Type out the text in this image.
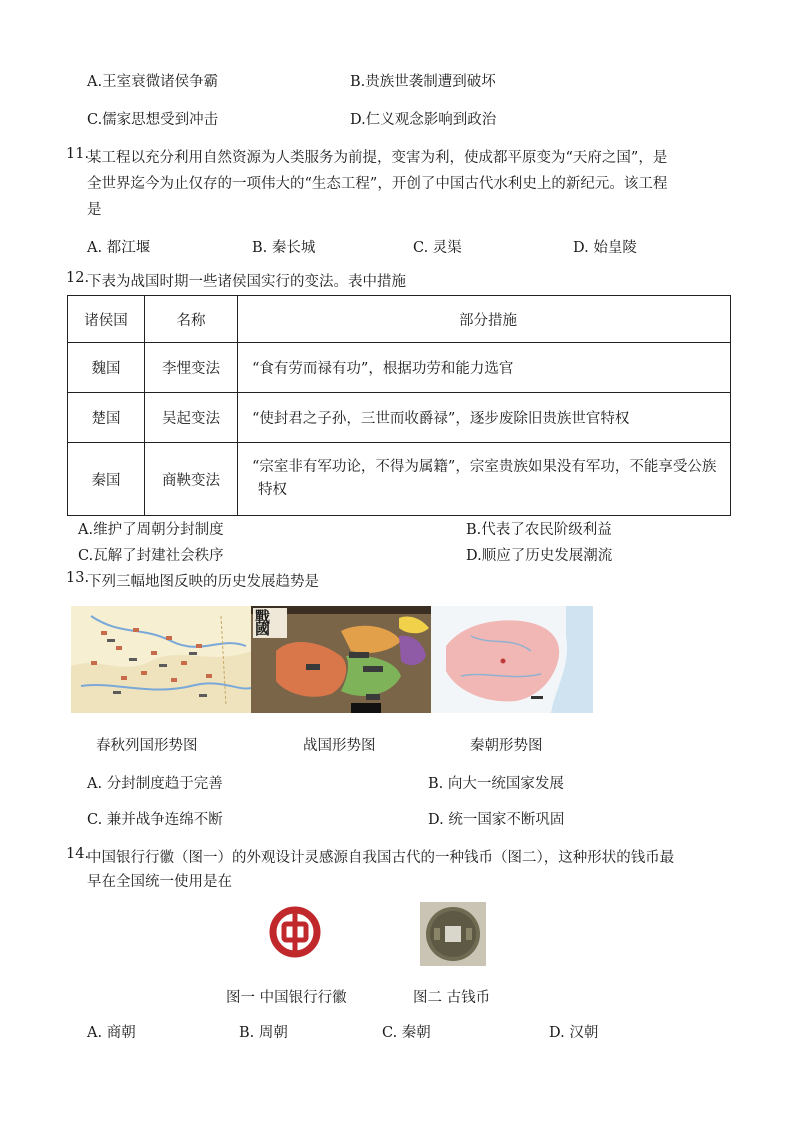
A.王室衰微诸侯争霸	B.贵族世袭制遭到破坏
C.儒家思想受到冲击	D.仁义观念影响到政治
11.
某工程以充分利用自然资源为人类服务为前提，变害为利，使成都平原变为“天府之国”，是
全世界迄今为止仅存的一项伟大的“生态工程”，开创了中国古代水利史上的新纪元。该工程
是
A. 都江堰	B. 秦长城	C. 灵渠	D. 始皇陵
12.
下表为战国时期一些诸侯国实行的变法。表中措施
诸侯国	名称	部分措施
魏国	李悝变法	“食有劳而禄有功”，根据功劳和能力选官
楚国	吴起变法	“使封君之子孙，三世而收爵禄”，逐步废除旧贵族世官特权
秦国	商鞅变法	“宗室非有军功论，不得为属籍”，宗室贵族如果没有军功，不能享受公族特权
A.维护了周朝分封制度	B.代表了农民阶级利益
C.瓦解了封建社会秩序	D.顺应了历史发展潮流
13.
下列三幅地图反映的历史发展趋势是
戰國
春秋列国形势图	战国形势图	秦朝形势图
A. 分封制度趋于完善	B. 向大一统国家发展
C. 兼并战争连绵不断	D. 统一国家不断巩固
14.
中国银行行徽（图一）的外观设计灵感源自我国古代的一种钱币（图二），这种形状的钱币最
早在全国统一使用是在
图一 中国银行行徽	图二 古钱币
A. 商朝	B. 周朝	C. 秦朝	D. 汉朝
